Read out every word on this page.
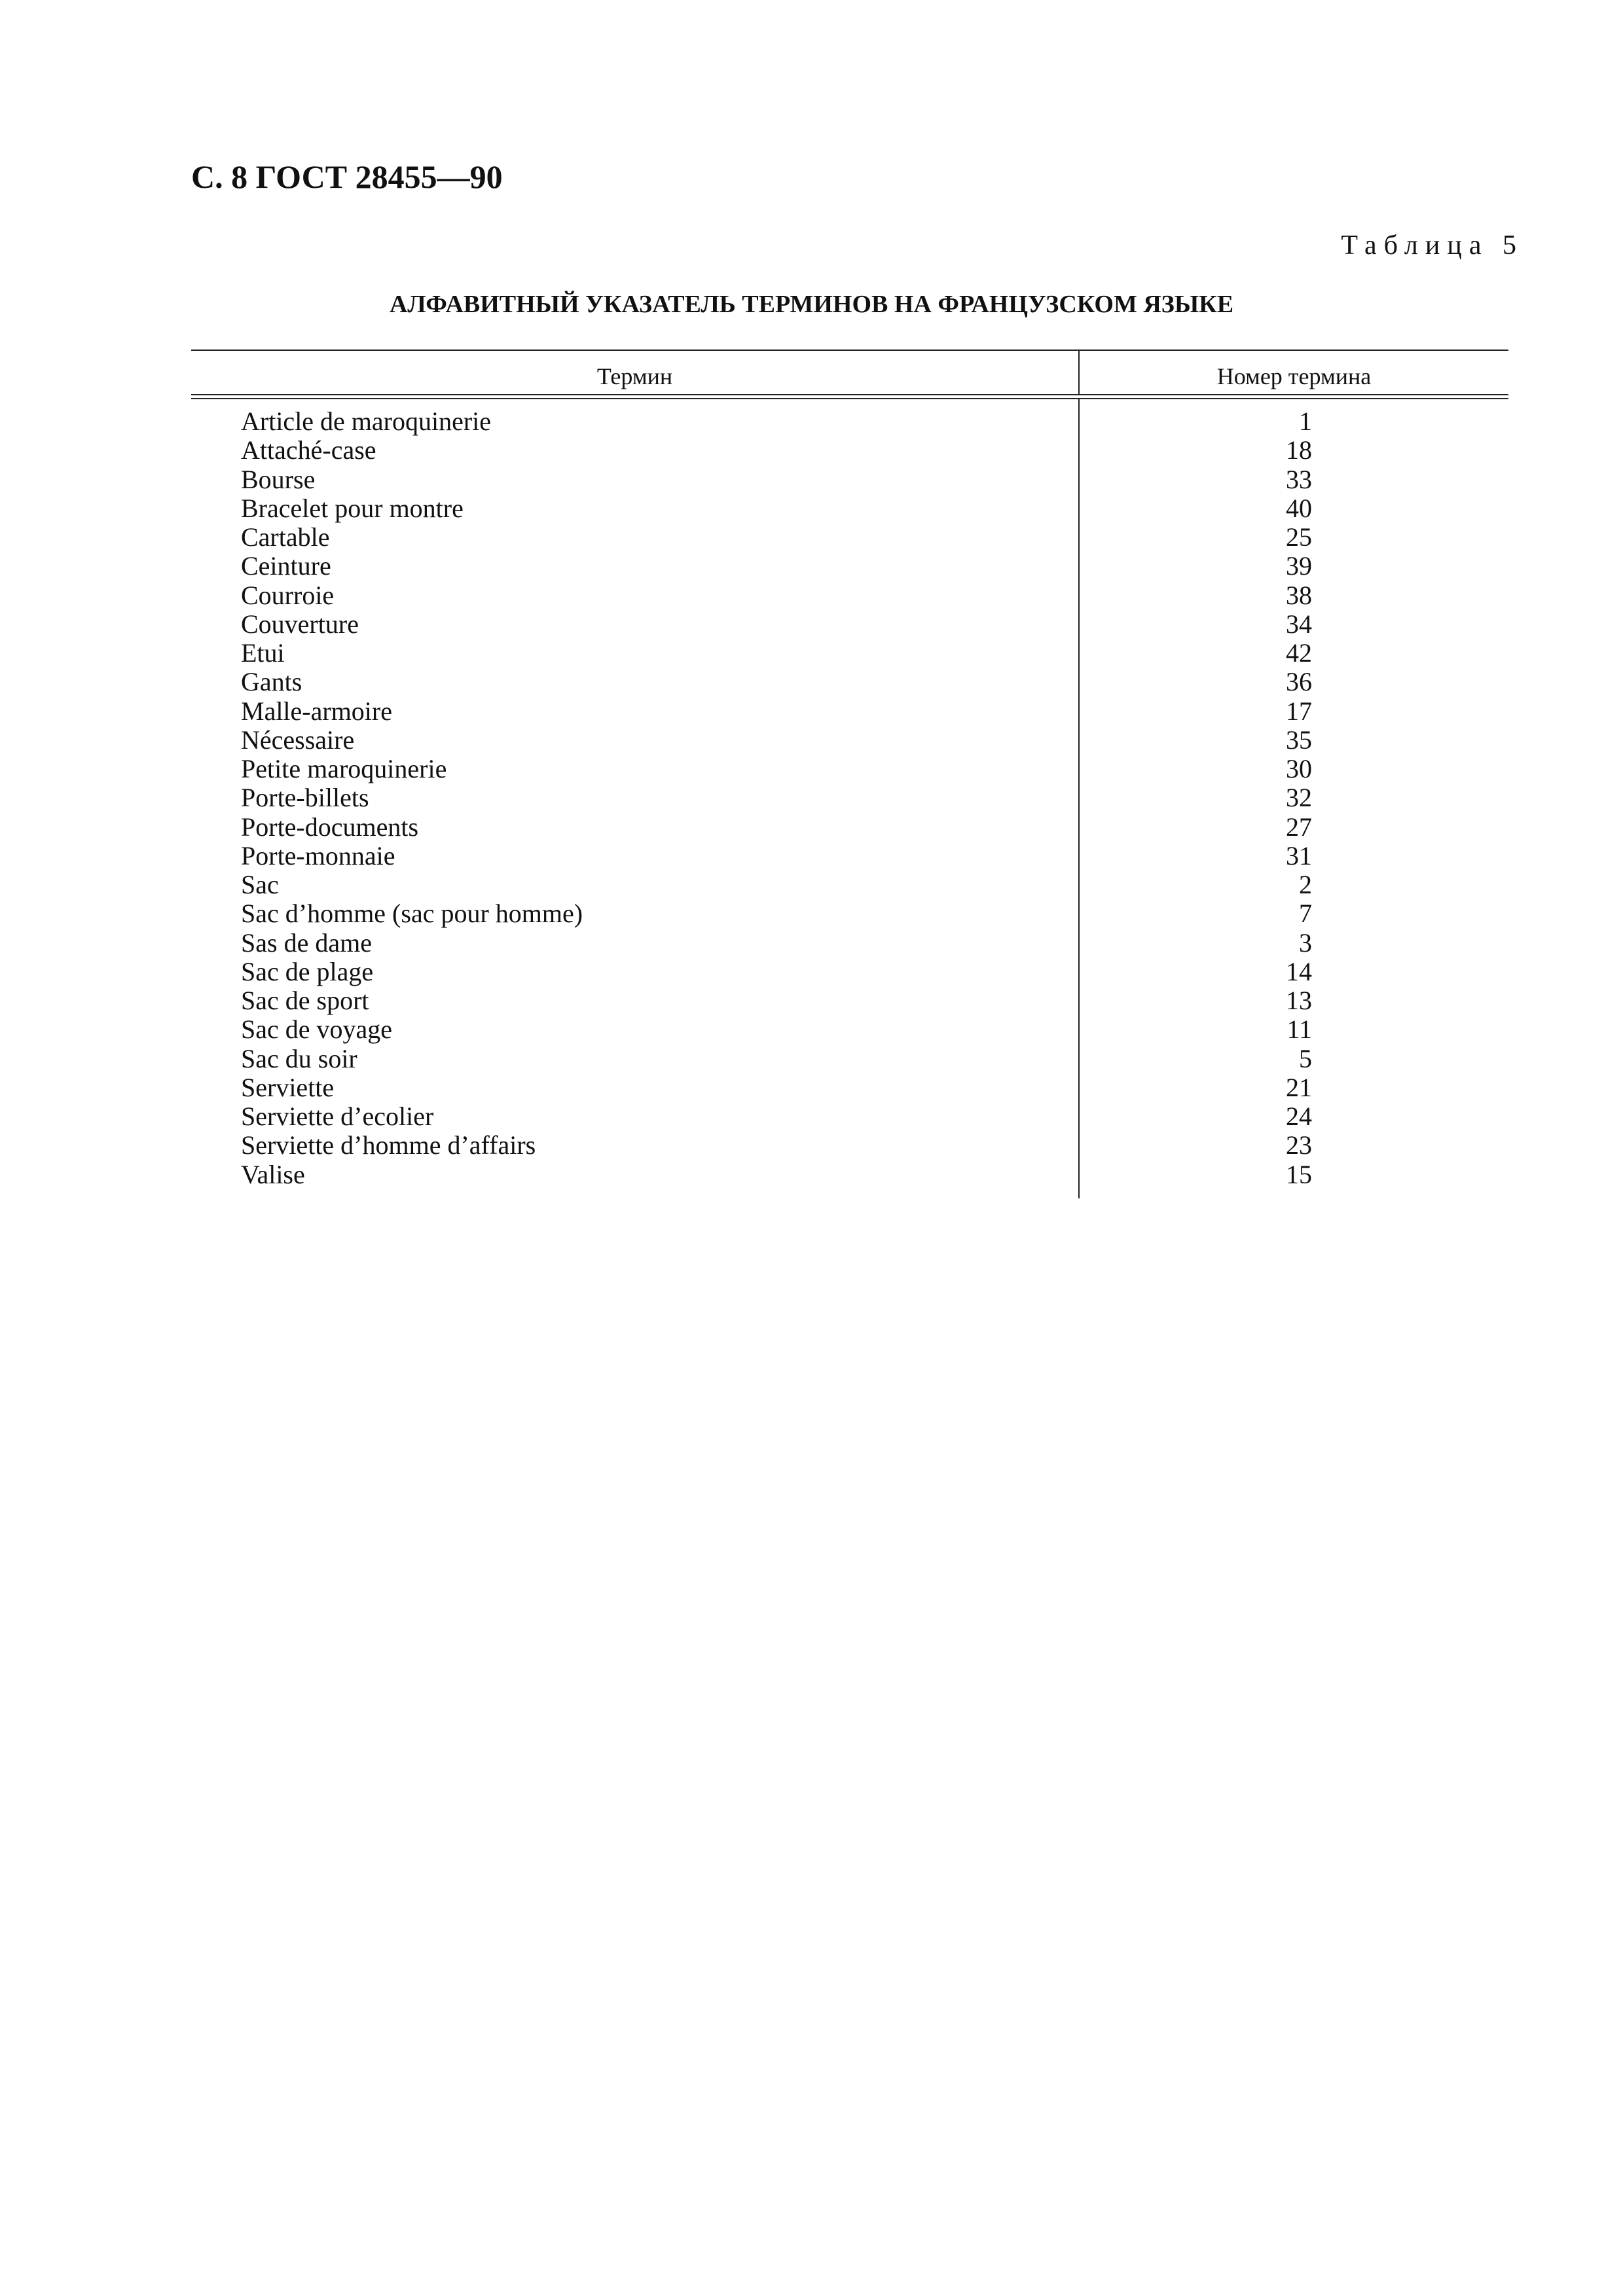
С. 8 ГОСТ 28455—90
Таблица 5
АЛФАВИТНЫЙ УКАЗАТЕЛЬ ТЕРМИНОВ НА ФРАНЦУЗСКОМ ЯЗЫКЕ
Термин	Номер термина
Article de maroquinerie
Attaché-case
Bourse
Bracelet pour montre
Cartable
Ceinture
Courroie
Couverture
Etui
Gants
Malle-armoire
Nécessaire
Petite maroquinerie
Porte-billets
Porte-documents
Porte-monnaie
Sac
Sac d’homme (sac pour homme)
Sas de dame
Sac de plage
Sac de sport
Sac de voyage
Sac du soir
Serviette
Serviette d’ecolier
Serviette d’homme d’affairs
Valise
1
18
33
40
25
39
38
34
42
36
17
35
30
32
27
31
2
7
3
14
13
11
5
21
24
23
15
